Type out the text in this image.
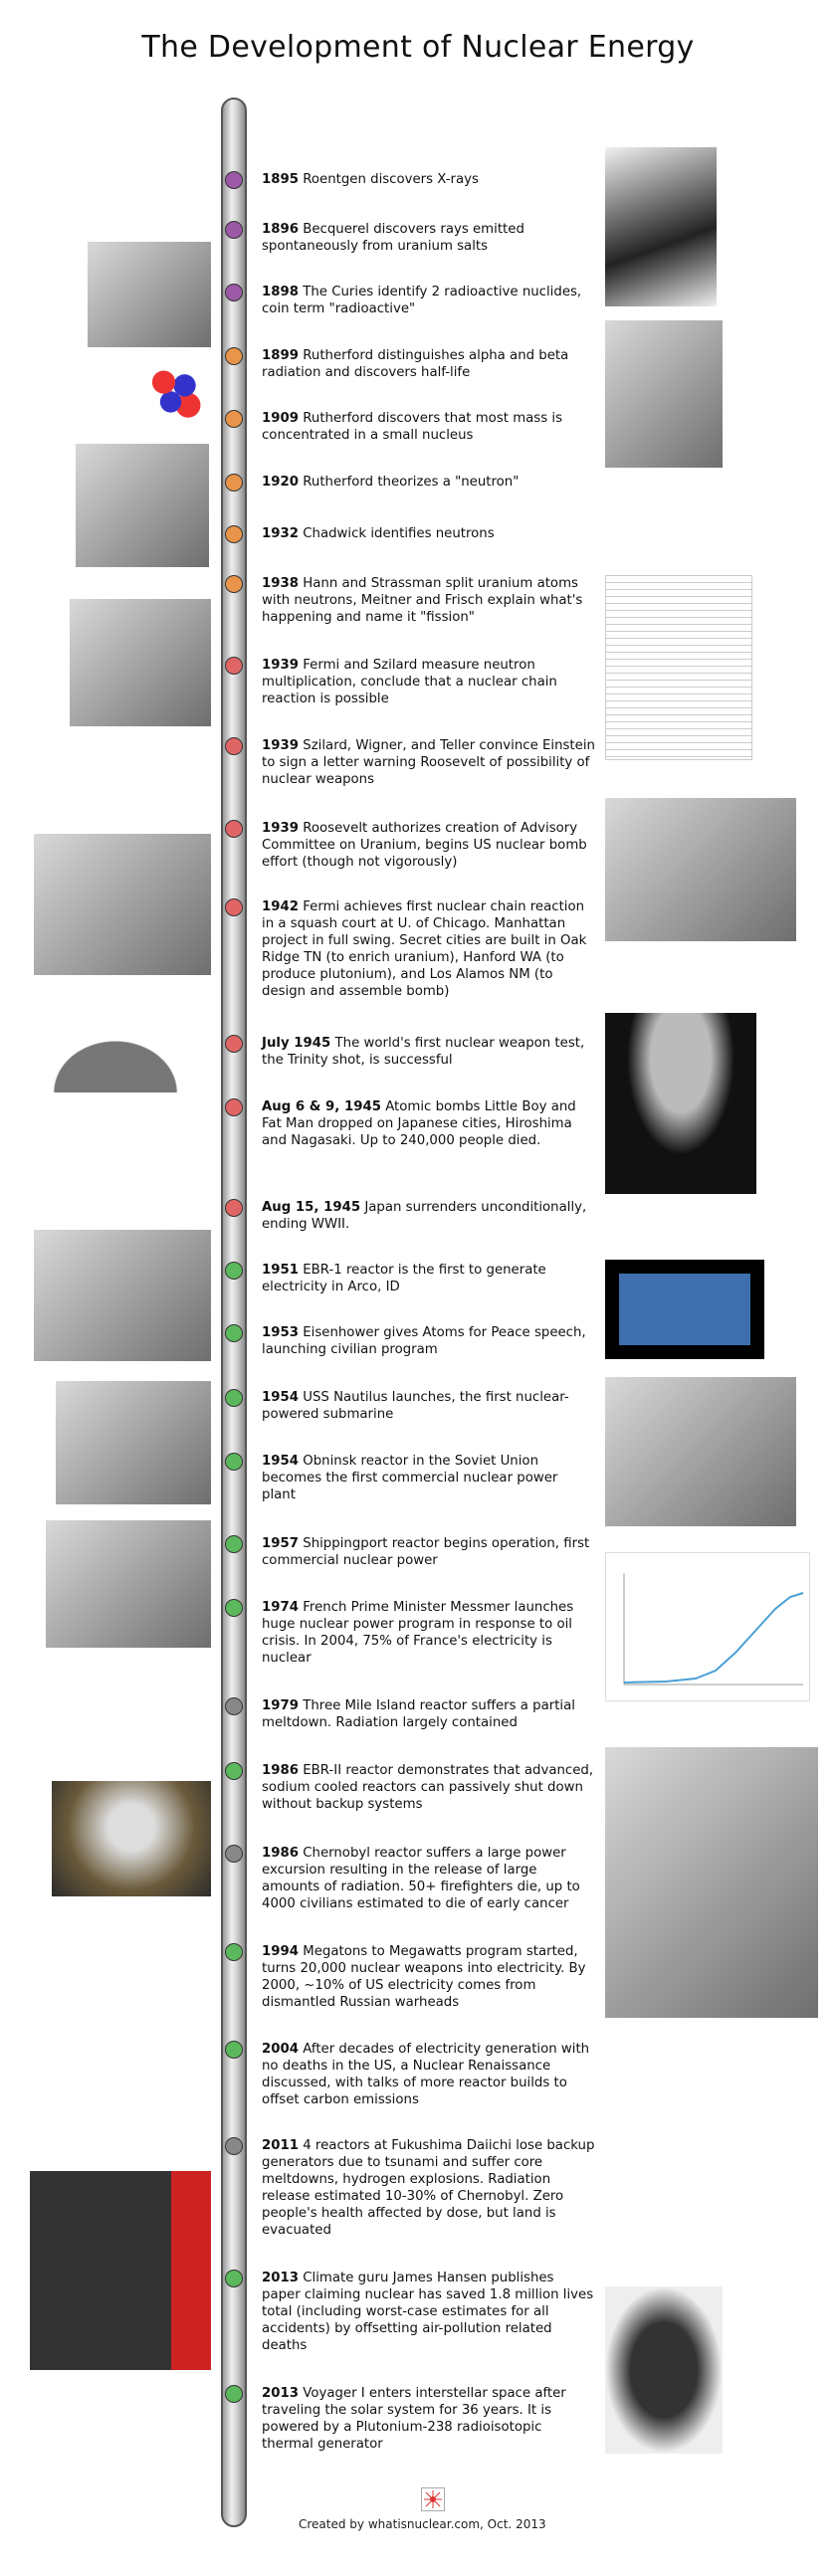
The Development of Nuclear Energy
1895 Roentgen discovers X-rays
1896 Becquerel discovers rays emitted spontaneously from uranium salts
1898 The Curies identify 2 radioactive nuclides, coin term "radioactive"
1899 Rutherford distinguishes alpha and beta radiation and discovers half-life
1909 Rutherford discovers that most mass is concentrated in a small nucleus
1920 Rutherford theorizes a "neutron"
1932 Chadwick identifies neutrons
1938 Hann and Strassman split uranium atoms with neutrons, Meitner and Frisch explain what's happening and name it "fission"
1939 Fermi and Szilard measure neutron multiplication, conclude that a nuclear chain reaction is possible
1939 Szilard, Wigner, and Teller convince Einstein to sign a letter warning Roosevelt of possibility of nuclear weapons
1939 Roosevelt authorizes creation of Advisory Committee on Uranium, begins US nuclear bomb effort (though not vigorously)
1942 Fermi achieves first nuclear chain reaction in a squash court at U. of Chicago. Manhattan project in full swing. Secret cities are built in Oak Ridge TN (to enrich uranium), Hanford WA (to produce plutonium), and Los Alamos NM (to design and assemble bomb)
July 1945 The world's first nuclear weapon test, the Trinity shot, is successful
Aug 6 & 9, 1945 Atomic bombs Little Boy and Fat Man dropped on Japanese cities, Hiroshima and Nagasaki. Up to 240,000 people died.
Aug 15, 1945 Japan surrenders unconditionally, ending WWII.
1951 EBR-1 reactor is the first to generate electricity in Arco, ID
1953 Eisenhower gives Atoms for Peace speech, launching civilian program
1954 USS Nautilus launches, the first nuclear-powered submarine
1954 Obninsk reactor in the Soviet Union becomes the first commercial nuclear power plant
1957 Shippingport reactor begins operation, first commercial nuclear power
1974 French Prime Minister Messmer launches huge nuclear power program in response to oil crisis. In 2004, 75% of France's electricity is nuclear
1979 Three Mile Island reactor suffers a partial meltdown. Radiation largely contained
1986 EBR-II reactor demonstrates that advanced, sodium cooled reactors can passively shut down without backup systems
1986 Chernobyl reactor suffers a large power excursion resulting in the release of large amounts of radiation. 50+ firefighters die, up to 4000 civilians estimated to die of early cancer
1994 Megatons to Megawatts program started, turns 20,000 nuclear weapons into electricity. By 2000, ~10% of US electricity comes from dismantled Russian warheads
2004 After decades of electricity generation with no deaths in the US, a Nuclear Renaissance discussed, with talks of more reactor builds to offset carbon emissions
2011 4 reactors at Fukushima Daiichi lose backup generators due to tsunami and suffer core meltdowns, hydrogen explosions. Radiation release estimated 10-30% of Chernobyl. Zero people's health affected by dose, but land is evacuated
2013 Climate guru James Hansen publishes paper claiming nuclear has saved 1.8 million lives total (including worst-case estimates for all accidents) by offsetting air-pollution related deaths
2013 Voyager I enters interstellar space after traveling the solar system for 36 years. It is powered by a Plutonium-238 radioisotopic thermal generator
Created by whatisnuclear.com, Oct. 2013
